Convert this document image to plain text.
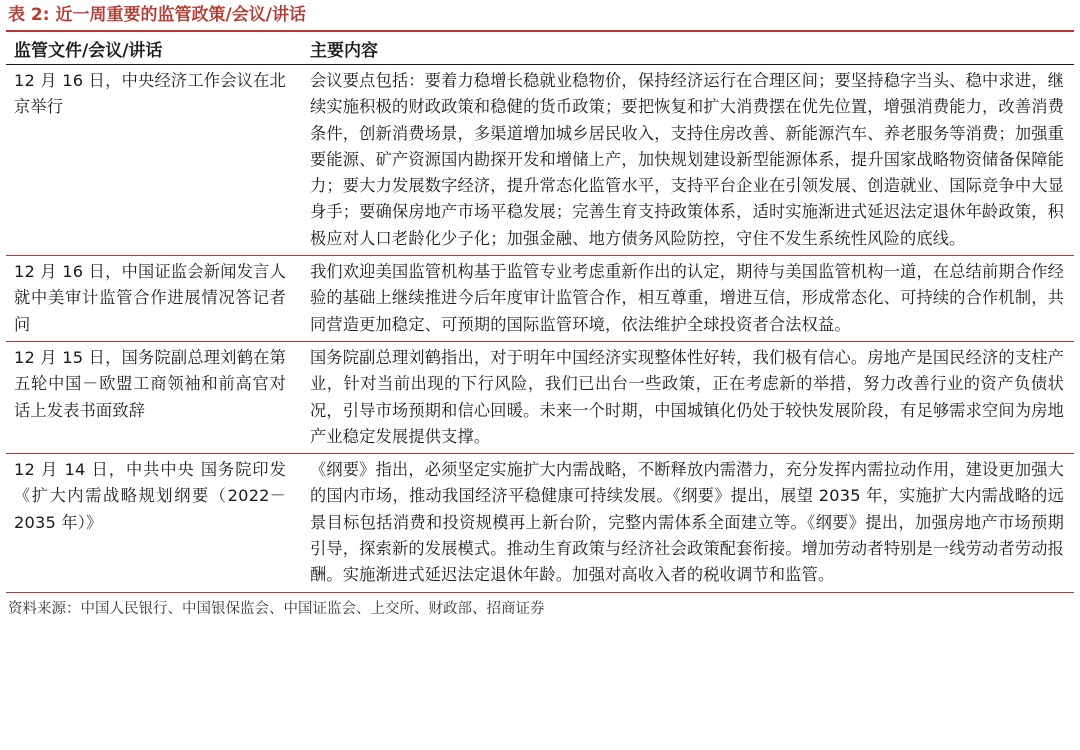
表 2: 近一周重要的监管政策/会议/讲话
监管文件/会议/讲话	主要内容
12 月 16 日，中央经济工作会议在北京举行	会议要点包括：要着力稳增长稳就业稳物价，保持经济运行在合理区间；要坚持稳字当头、稳中求进，继续实施积极的财政政策和稳健的货币政策；要把恢复和扩大消费摆在优先位置，增强消费能力，改善消费条件，创新消费场景，多渠道增加城乡居民收入，支持住房改善、新能源汽车、养老服务等消费；加强重要能源、矿产资源国内勘探开发和增储上产，加快规划建设新型能源体系，提升国家战略物资储备保障能力；要大力发展数字经济，提升常态化监管水平，支持平台企业在引领发展、创造就业、国际竞争中大显身手；要确保房地产市场平稳发展；完善生育支持政策体系，适时实施渐进式延迟法定退休年龄政策，积极应对人口老龄化少子化；加强金融、地方债务风险防控，守住不发生系统性风险的底线。
12 月 16 日，中国证监会新闻发言人就中美审计监管合作进展情况答记者问	我们欢迎美国监管机构基于监管专业考虑重新作出的认定，期待与美国监管机构一道，在总结前期合作经验的基础上继续推进今后年度审计监管合作，相互尊重，增进互信，形成常态化、可持续的合作机制，共同营造更加稳定、可预期的国际监管环境，依法维护全球投资者合法权益。
12 月 15 日，国务院副总理刘鹤在第五轮中国－欧盟工商领袖和前高官对话上发表书面致辞	国务院副总理刘鹤指出，对于明年中国经济实现整体性好转，我们极有信心。房地产是国民经济的支柱产业，针对当前出现的下行风险，我们已出台一些政策，正在考虑新的举措，努力改善行业的资产负债状况，引导市场预期和信心回暖。未来一个时期，中国城镇化仍处于较快发展阶段，有足够需求空间为房地产业稳定发展提供支撑。
12 月 14 日，中共中央 国务院印发《扩大内需战略规划纲要（2022－2035 年）》	《纲要》指出，必须坚定实施扩大内需战略，不断释放内需潜力，充分发挥内需拉动作用，建设更加强大的国内市场，推动我国经济平稳健康可持续发展。《纲要》提出，展望 2035 年，实施扩大内需战略的远景目标包括消费和投资规模再上新台阶，完整内需体系全面建立等。《纲要》提出，加强房地产市场预期引导，探索新的发展模式。推动生育政策与经济社会政策配套衔接。增加劳动者特别是一线劳动者劳动报酬。实施渐进式延迟法定退休年龄。加强对高收入者的税收调节和监管。
资料来源：中国人民银行、中国银保监会、中国证监会、上交所、财政部、招商证券
